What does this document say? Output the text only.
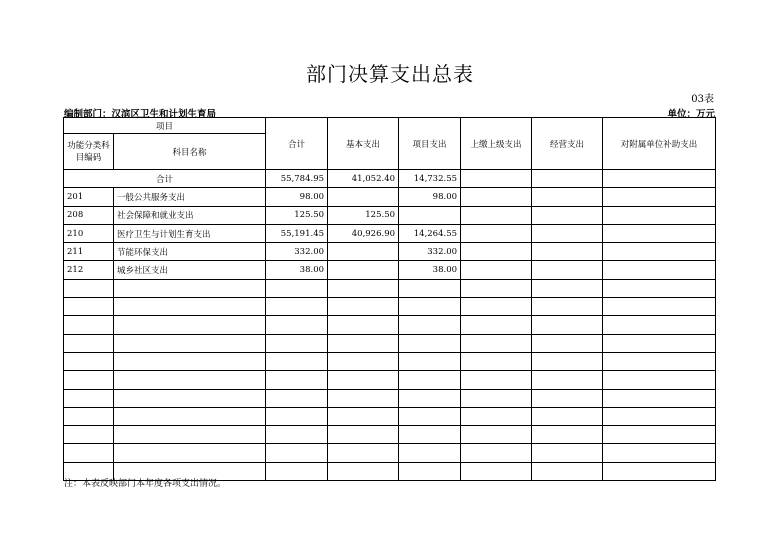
部门决算支出总表
03表
编制部门：汉滨区卫生和计划生育局	单位：万元
项目		合计	基本支出	项目支出	上缴上级支出	经营支出	对附属单位补助支出
功能分类科目编码	科目名称						
合计		55,784.95	41,052.40	14,732.55			
201	一般公共服务支出	98.00		98.00			
208	社会保障和就业支出	125.50	125.50				
210	医疗卫生与计划生育支出	55,191.45	40,926.90	14,264.55			
211	节能环保支出	332.00		332.00			
212	城乡社区支出	38.00		38.00			

注：本表反映部门本年度各项支出情况。
